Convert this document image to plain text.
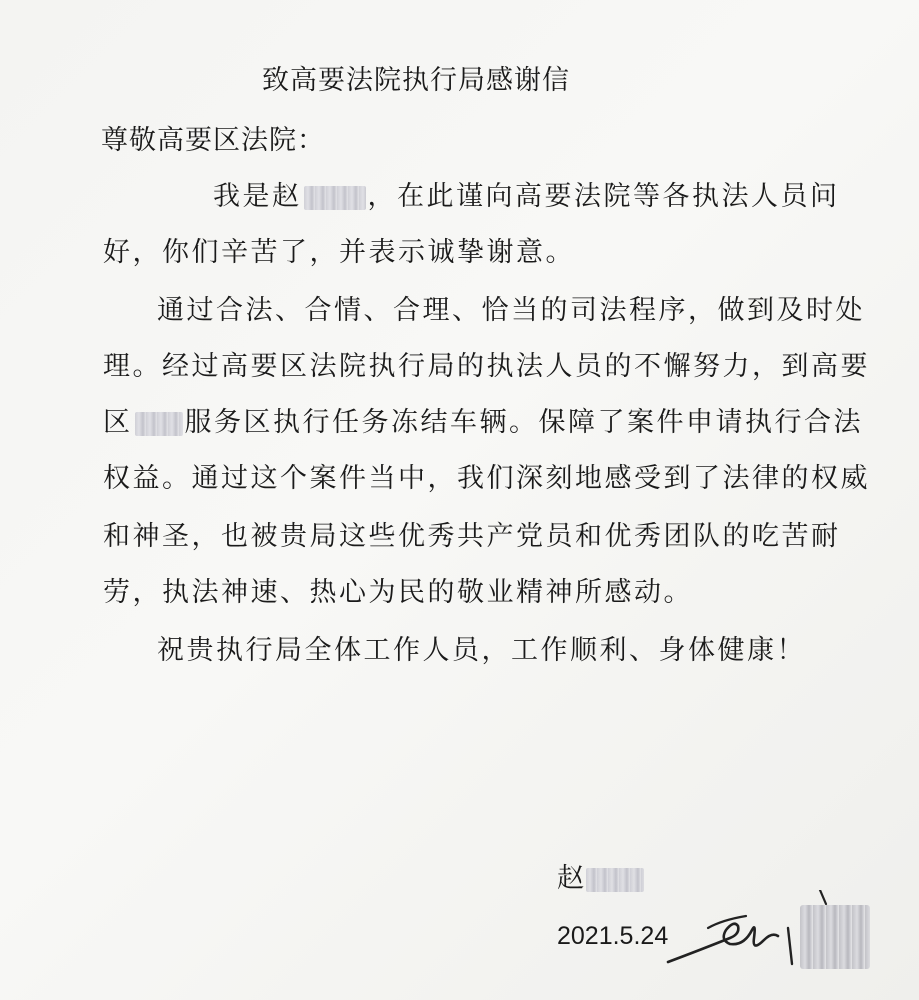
致高要法院执行局感谢信
尊敬高要区法院：
我是赵 ，在此谨向高要法院等各执法人员问
好，你们辛苦了，并表示诚挚谢意。
通过合法、合情、合理、恰当的司法程序，做到及时处
理。经过高要区法院执行局的执法人员的不懈努力，到高要
区 服务区执行任务冻结车辆。保障了案件申请执行合法
权益。通过这个案件当中，我们深刻地感受到了法律的权威
和神圣，也被贵局这些优秀共产党员和优秀团队的吃苦耐
劳，执法神速、热心为民的敬业精神所感动。
祝贵执行局全体工作人员，工作顺利、身体健康！
赵
2021.5.24
